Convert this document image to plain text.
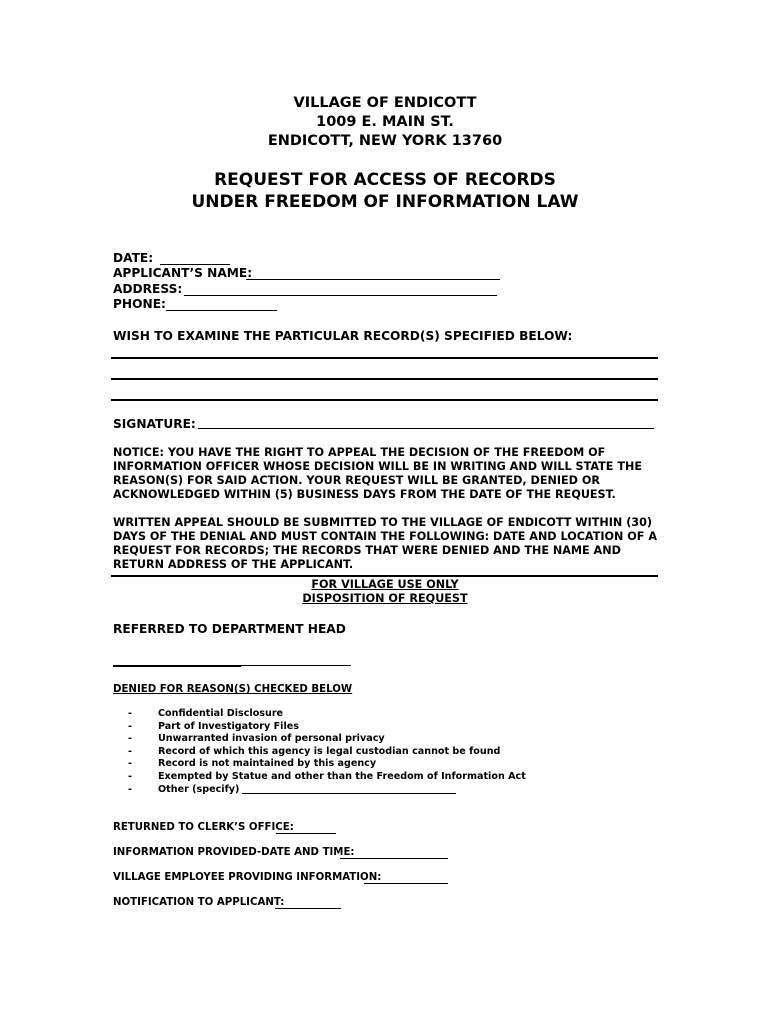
VILLAGE OF ENDICOTT
1009 E. MAIN ST.
ENDICOTT, NEW YORK 13760
REQUEST FOR ACCESS OF RECORDS
UNDER FREEDOM OF INFORMATION LAW
DATE:
APPLICANT’S NAME:
ADDRESS:
PHONE:
WISH TO EXAMINE THE PARTICULAR RECORD(S) SPECIFIED BELOW:
SIGNATURE:
NOTICE: YOU HAVE THE RIGHT TO APPEAL THE DECISION OF THE FREEDOM OF INFORMATION OFFICER WHOSE DECISION WILL BE IN WRITING AND WILL STATE THE REASON(S) FOR SAID ACTION. YOUR REQUEST WILL BE GRANTED, DENIED OR ACKNOWLEDGED WITHIN (5) BUSINESS DAYS FROM THE DATE OF THE REQUEST.
WRITTEN APPEAL SHOULD BE SUBMITTED TO THE VILLAGE OF ENDICOTT WITHIN (30) DAYS OF THE DENIAL AND MUST CONTAIN THE FOLLOWING: DATE AND LOCATION OF A REQUEST FOR RECORDS; THE RECORDS THAT WERE DENIED AND THE NAME AND RETURN ADDRESS OF THE APPLICANT.
FOR VILLAGE USE ONLY
DISPOSITION OF REQUEST
REFERRED TO DEPARTMENT HEAD
DENIED FOR REASON(S) CHECKED BELOW
-	Confidential Disclosure
-	Part of Investigatory Files
-	Unwarranted invasion of personal privacy
-	Record of which this agency is legal custodian cannot be found
-	Record is not maintained by this agency
-	Exempted by Statue and other than the Freedom of Information Act
-	Other (specify)
RETURNED TO CLERK’S OFFICE:
INFORMATION PROVIDED-DATE AND TIME:
VILLAGE EMPLOYEE PROVIDING INFORMATION:
NOTIFICATION TO APPLICANT:
